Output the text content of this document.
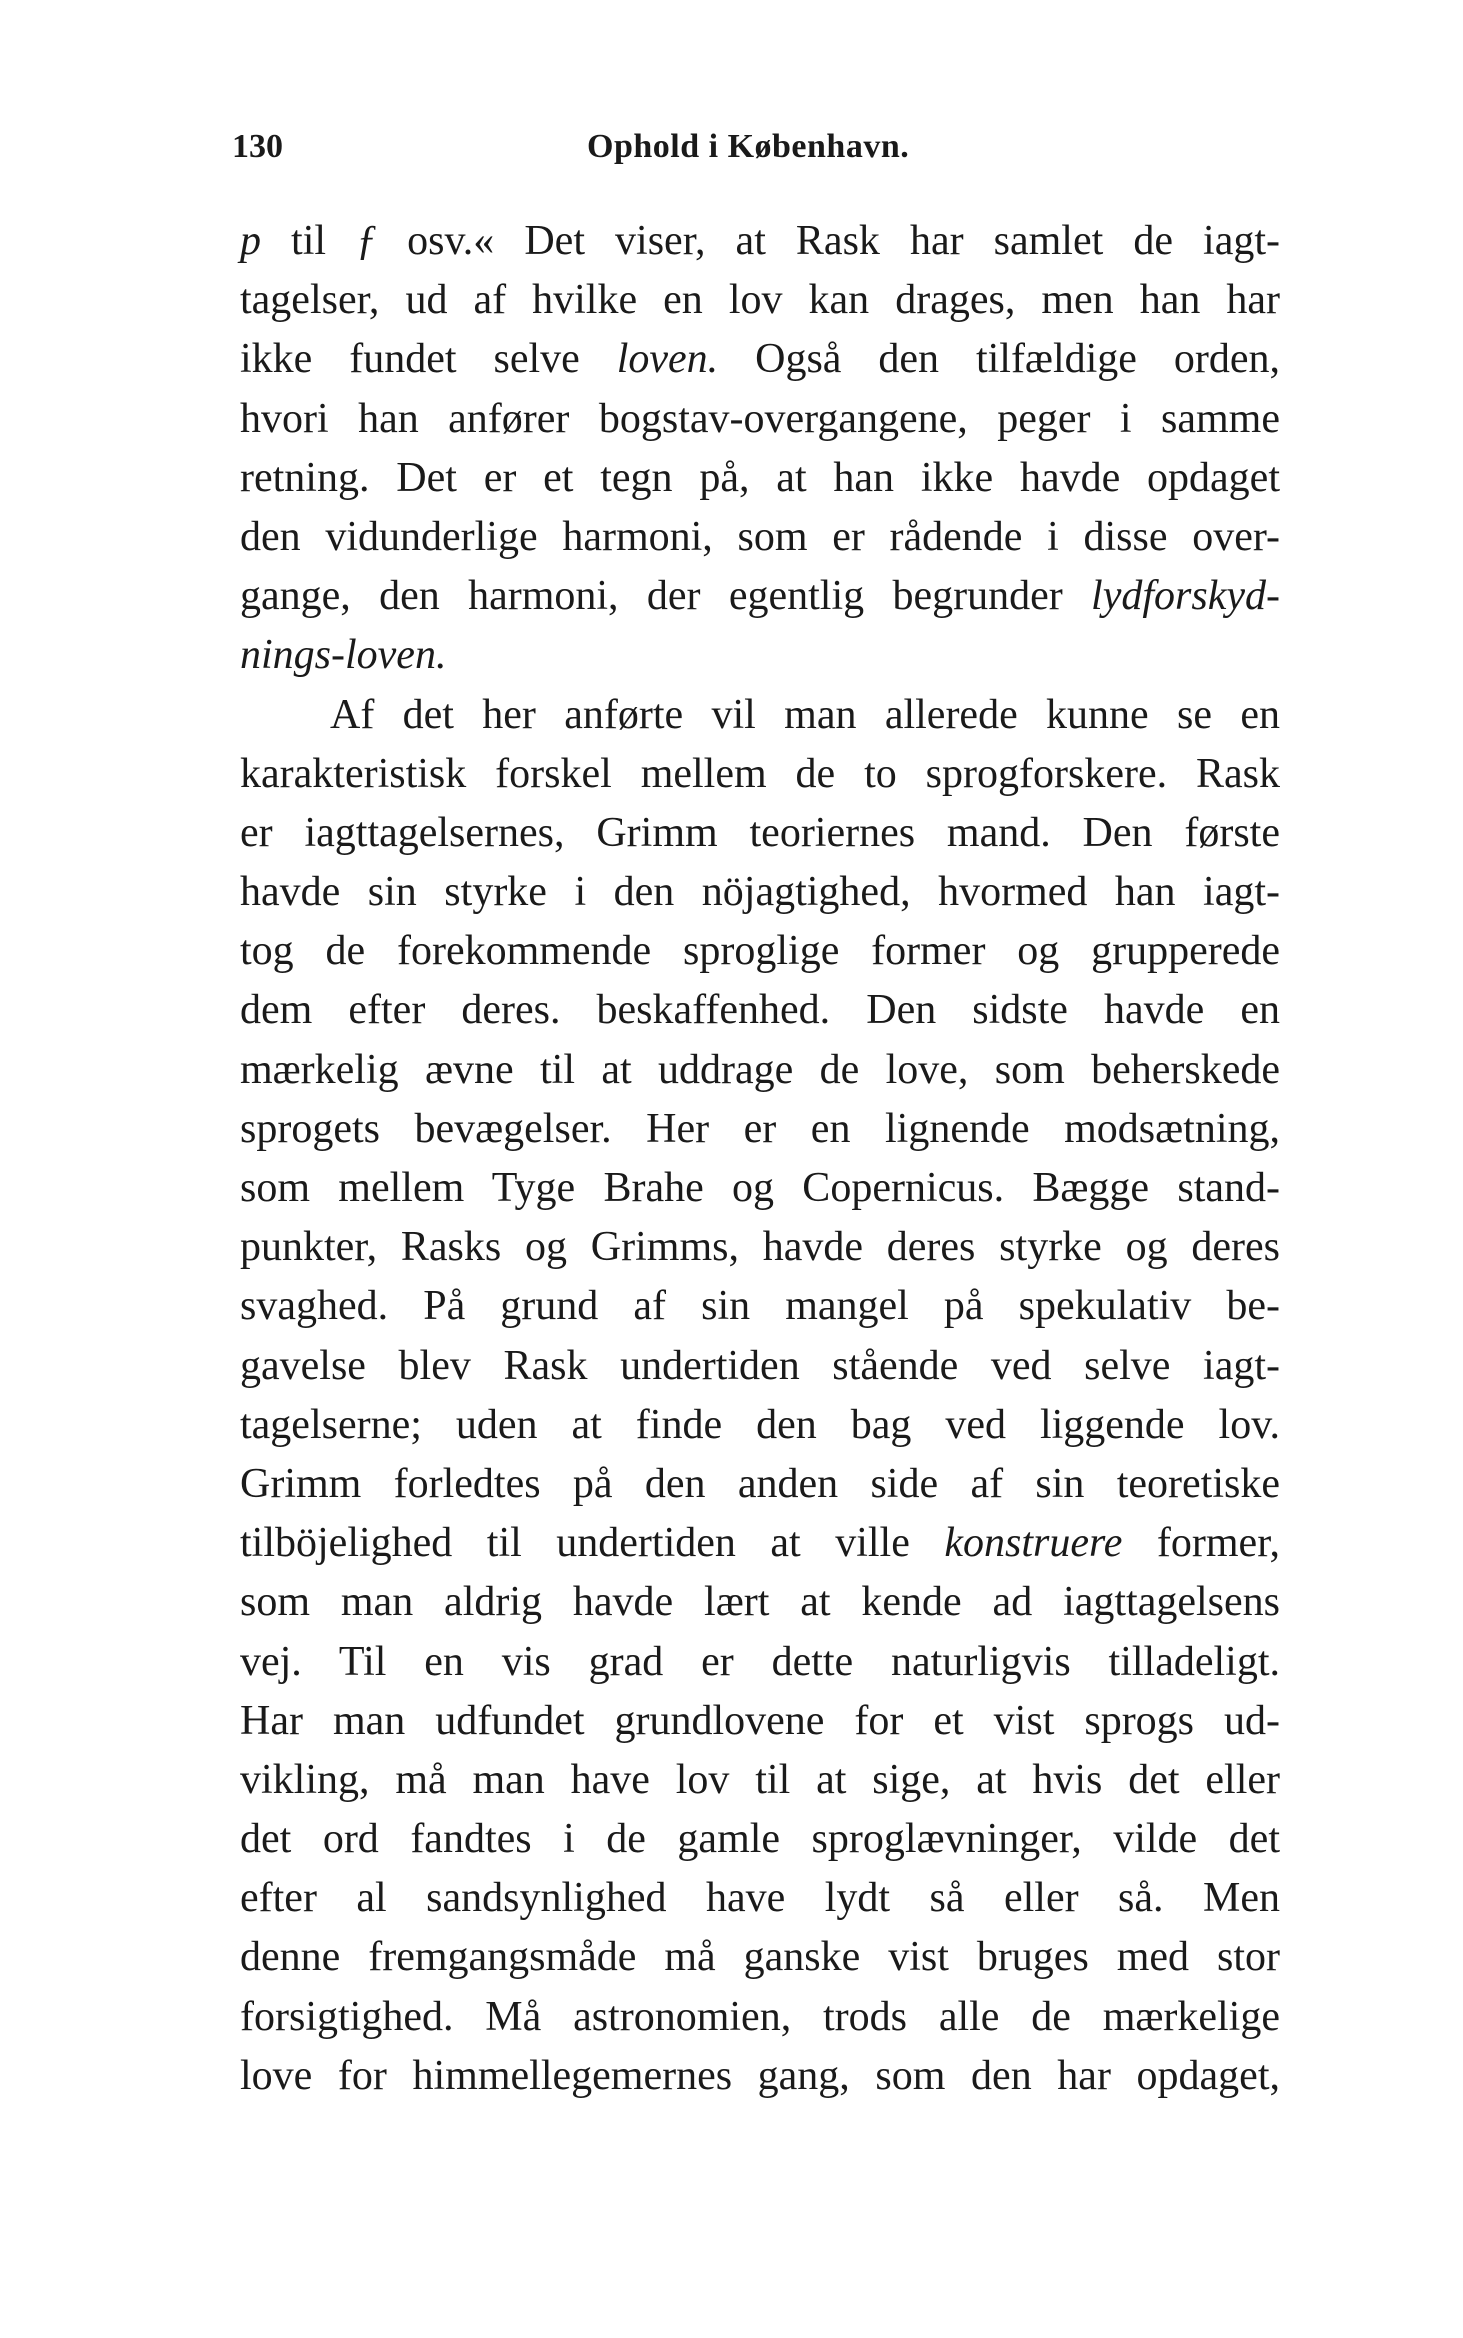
130	Ophold i København.
p til ƒ osv.« Det viser, at Rask har samlet de iagt-
tagelser, ud af hvilke en lov kan drages, men han har
ikke fundet selve loven. Også den tilfældige orden,
hvori han anfører bogstav-overgangene, peger i samme
retning. Det er et tegn på, at han ikke havde opdaget
den vidunderlige harmoni, som er rådende i disse over-
gange, den harmoni, der egentlig begrunder lydforskyd-
nings-loven.
Af det her anførte vil man allerede kunne se en
karakteristisk forskel mellem de to sprogforskere. Rask
er iagttagelsernes, Grimm teoriernes mand. Den første
havde sin styrke i den nöjagtighed, hvormed han iagt-
tog de forekommende sproglige former og grupperede
dem efter deres. beskaffenhed. Den sidste havde en
mærkelig ævne til at uddrage de love, som beherskede
sprogets bevægelser. Her er en lignende modsætning,
som mellem Tyge Brahe og Copernicus. Bægge stand-
punkter, Rasks og Grimms, havde deres styrke og deres
svaghed. På grund af sin mangel på spekulativ be-
gavelse blev Rask undertiden stående ved selve iagt-
tagelserne; uden at finde den bag ved liggende lov.
Grimm forledtes på den anden side af sin teoretiske
tilböjelighed til undertiden at ville konstruere former,
som man aldrig havde lært at kende ad iagttagelsens
vej. Til en vis grad er dette naturligvis tilladeligt.
Har man udfundet grundlovene for et vist sprogs ud-
vikling, må man have lov til at sige, at hvis det eller
det ord fandtes i de gamle sproglævninger, vilde det
efter al sandsynlighed have lydt så eller så. Men
denne fremgangsmåde må ganske vist bruges med stor
forsigtighed. Må astronomien, trods alle de mærkelige
love for himmellegemernes gang, som den har opdaget,
